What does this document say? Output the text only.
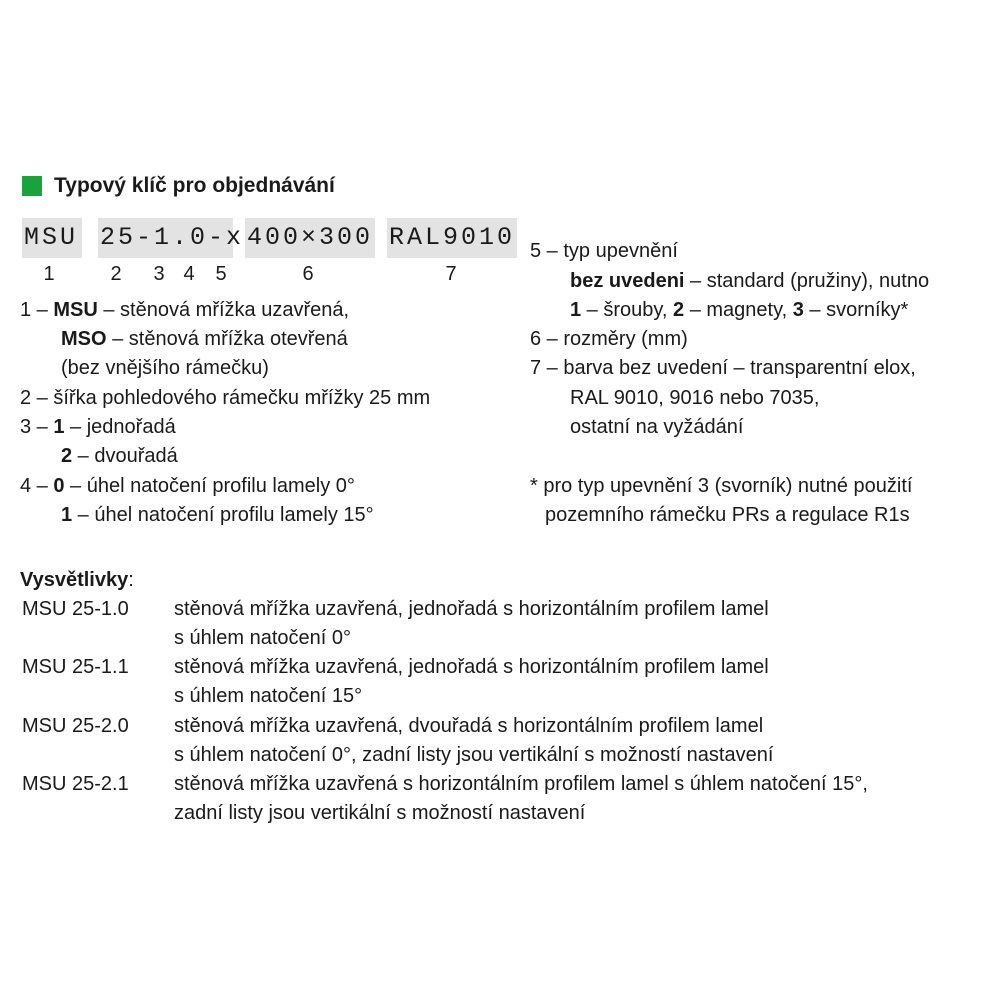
Typový klíč pro objednávání
MSU 25-1.0-x 400×300 RAL9010
1	2	3 4	5	6	7
1 – MSU – stěnová mřížka uzavřená,
MSO – stěnová mřížka otevřená
(bez vnějšího rámečku)
2 – šířka pohledového rámečku mřížky 25 mm
3 – 1 – jednořadá
2 – dvouřadá
4 – 0 – úhel natočení profilu lamely 0°
1 – úhel natočení profilu lamely 15°
5 – typ upevnění
bez uvedeni – standard (pružiny), nutno
1 – šrouby, 2 – magnety, 3 – svorníky*
6 – rozměry (mm)
7 – barva bez uvedení – transparentní elox,
RAL 9010, 9016 nebo 7035,
ostatní na vyžádání
* pro typ upevnění 3 (svorník) nutné použití
pozemního rámečku PRs a regulace R1s
Vysvětlivky:
MSU 25-1.0 stěnová mřížka uzavřená, jednořadá s horizontálním profilem lamel
s úhlem natočení 0°
MSU 25-1.1 stěnová mřížka uzavřená, jednořadá s horizontálním profilem lamel
s úhlem natočení 15°
MSU 25-2.0 stěnová mřížka uzavřená, dvouřadá s horizontálním profilem lamel
s úhlem natočení 0°, zadní listy jsou vertikální s možností nastavení
MSU 25-2.1 stěnová mřížka uzavřená s horizontálním profilem lamel s úhlem natočení 15°,
zadní listy jsou vertikální s možností nastavení
